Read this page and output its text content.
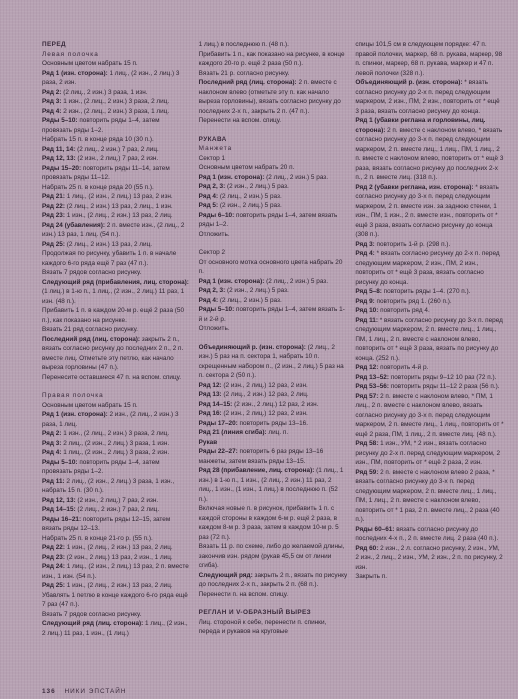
ПЕРЕД

Левая полочка

Основным цветом набрать 15 п.

Ряд 1 (изн. сторона): 1 лиц., (2 изн., 2 лиц.) 3 раза, 2 изн.

Ряд 2: (2 лиц., 2 изн.) 3 раза, 1 изн.

Ряд 3: 1 изн., (2 лиц., 2 изн.) 3 раза, 2 лиц.

Ряд 4: 2 изн., (2 лиц., 2 изн.) 3 раза, 1 лиц.

Ряды 5–10: повторить ряды 1–4, затем провязать ряды 1–2.

Набрать 15 п. в конце ряда 10 (30 п.).

Ряд 11, 14: (2 лиц., 2 изн.) 7 раз, 2 лиц.

Ряд 12, 13: (2 изн., 2 лиц.) 7 раз, 2 изн.

Ряды 15–20: повторить ряды 11–14, затем провязать ряды 11–12.

Набрать 25 п. в конце ряда 20 (55 п.).

Ряд 21: 1 лиц., (2 изн., 2 лиц.) 13 раз, 2 изн.

Ряд 22: (2 лиц., 2 изн.) 13 раз, 2 лиц., 1 изн.

Ряд 23: 1 изн., (2 лиц., 2 изн.) 13 раз, 2 лиц.

Ряд 24 (убавления): 2 п. вместе изн., (2 лиц., 2 изн.) 13 раз, 1 лиц. (54 п.).

Ряд 25: (2 лиц., 2 изн.) 13 раз, 2 лиц.

Продолжая по рисунку, убавить 1 п. в начале каждого 6-го ряда ещё 7 раз (47 п.).

Вязать 7 рядов согласно рисунку.

Следующий ряд (прибавления, лиц. сторона): (1 лиц.) в 1-ю п., 1 лиц., (2 изн., 2 лиц.) 11 раз, 1 изн. (48 п.).

Прибавить 1 п. в каждом 20-м р. ещё 2 раза (50 п.), как показано на рисунке.

Вязать 21 ряд согласно рисунку.

Последний ряд (лиц. сторона): закрыть 2 п., вязать согласно рисунку до последних 2 п., 2 п. вместе лиц. Отметьте эту петлю, как начало выреза горловины (47 п.).

Перенесите оставшиеся 47 п. на вспом. спицу.

Правая полочка

Основным цветом набрать 15 п.

Ряд 1 (изн. сторона): 2 изн., (2 лиц., 2 изн.) 3 раза, 1 лиц.

Ряд 2: 1 изн., (2 лиц., 2 изн.) 3 раза, 2 лиц.

Ряд 3: 2 лиц., (2 изн., 2 лиц.) 3 раза, 1 изн.

Ряд 4: 1 лиц., (2 изн., 2 лиц.) 3 раза, 2 изн.

Ряды 5–10: повторить ряды 1–4, затем провязать ряды 1–2.

Ряд 11: 2 лиц., (2 изн., 2 лиц.) 3 раза, 1 изн., набрать 15 п. (30 п.).

Ряд 12, 13: (2 изн., 2 лиц.) 7 раз, 2 изн.

Ряд 14–15: (2 лиц., 2 изн.) 7 раз, 2 лиц.

Ряды 16–21: повторить ряды 12–15, затем вязать ряды 12–13.

Набрать 25 п. в конце 21-го р. (55 п.).

Ряд 22: 1 изн., (2 лиц., 2 изн.) 13 раз, 2 лиц.

Ряд 23: (2 изн., 2 лиц.) 13 раз, 2 изн., 1 лиц.

Ряд 24: 1 лиц., (2 изн., 2 лиц.) 13 раз, 2 п. вместе изн., 1 изн. (54 п.).

Ряд 25: 1 изн., (2 лиц., 2 изн.) 13 раз, 2 лиц.

Убавлять 1 петлю в конце каждого 6-го ряда ещё 7 раз (47 п.).

Вязать 7 рядов согласно рисунку.

Следующий ряд (лиц. сторона): 1 лиц., (2 изн., 2 лиц.) 11 раз, 1 изн., (1 лиц.)

1 лиц.) в последнюю п. (48 п.).

Прибавить 1 п., как показано на рисунке, в конце каждого 20-го р. ещё 2 раза (50 п.).

Вязать 21 р. согласно рисунку.

Последний ряд (лиц. сторона): 2 п. вместе с наклоном влево (отметьте эту п. как начало выреза горловины), вязать согласно рисунку до последних 2-х п., закрыть 2 п. (47 п.).

Перенести на вспом. спицу.

РУКАВА

Манжета

Сектор 1

Основным цветом набрать 20 п.

Ряд 1 (изн. сторона): (2 лиц., 2 изн.) 5 раз.

Ряд 2, 3: (2 изн., 2 лиц.) 5 раз.

Ряд 4: (2 лиц., 2 изн.) 5 раз.

Ряд 5: (2 изн., 2 лиц.) 5 раз.

Ряды 6–10: повторить ряды 1–4, затем вязать ряды 1–2.

Отложить.

Сектор 2

От основного мотка основного цвета набрать 20 п.

Ряд 1 (изн. сторона): (2 лиц., 2 изн.) 5 раз.

Ряд 2, 3: (2 изн., 2 лиц.) 5 раз.

Ряд 4: (2 лиц., 2 изн.) 5 раз.

Ряды 5–10: повторить ряды 1–4, затем вязать 1-й и 2-й р.

Отложить.

Объединяющий р. (изн. сторона): (2 лиц., 2 изн.) 5 раз на п. сектора 1, набрать 10 п. скрещенным набором п., (2 изн., 2 лиц.) 5 раз на п. сектора 2 (50 п.).

Ряд 12: (2 изн., 2 лиц.) 12 раз, 2 изн.

Ряд 13: (2 лиц., 2 изн.) 12 раз, 2 лиц.

Ряд 14–15: (2 изн., 2 лиц.) 12 раз, 2 изн.

Ряд 16: (2 изн., 2 лиц.) 12 раз, 2 изн.

Ряды 17–20: повторить ряды 13–16.

Ряд 21 (линия сгиба): лиц. п.

Рукав

Ряды 22–27: повторить 6 раз ряды 13–16 манжеты, затем вязать ряды 13–15.

Ряд 28 (прибавление, лиц. сторона): (1 лиц., 1 изн.) в 1-ю п., 1 изн., (2 лиц., 2 изн.) 11 раз, 2 лиц., 1 изн., (1 изн., 1 лиц.) в последнюю п. (52 п.).

Включая новые п. в рисунок, прибавить 1 п. с каждой стороны в каждом 6-м р. ещё 2 раза, в каждом 8-м р. 3 раза, затем в каждом 10-м р. 5 раз (72 п.).

Вязать 11 р. по схеме, либо до желаемой длины, закончив изн. рядом (рукав 45,5 см от линии сгиба).

Следующий ряд: закрыть 2 п., вязать по рисунку до последних 2-х п., закрыть 2 п. (68 п.).

Перенести п. на вспом. спицу.

РЕГЛАН И V-ОБРАЗНЫЙ ВЫРЕЗ

Лиц. стороной к себе, перенести п. спинки, переда и рукавов на круговые

спицы 101,5 см в следующем порядке: 47 п. правой полочки, маркер, 68 п. рукава, маркер, 98 п. спинки, маркер, 68 п. рукава, маркер и 47 п. левой полочки (328 п.).

Объединяющий р. (изн. сторона): * вязать согласно рисунку до 2-х п. перед следующим маркером, 2 изн., ПМ, 2 изн., повторить от * ещё 3 раза, вязать согласно рисунку до конца.

Ряд 1 (убавки реглана и горловины, лиц. сторона): 2 п. вместе с наклоном влево, * вязать согласно рисунку до 3-х п. перед следующим маркером, 2 п. вместе лиц., 1 лиц., ПМ, 1 лиц., 2 п. вместе с наклоном влево, повторить от * ещё 3 раза, вязать согласно рисунку до последних 2-х п., 2 п. вместе лиц. (318 п.).

Ряд 2 (убавки реглана, изн. сторона): * вязать согласно рисунку до 3-х п. перед следующим маркером, 2 п. вместе изн. за заднюю стенки, 1 изн., ПМ, 1 изн., 2 п. вместе изн., повторить от * ещё 3 раза, вязать согласно рисунку до конца (308 п.).

Ряд 3: повторить 1-й р. (298 п.).

Ряд 4: * вязать согласно рисунку до 2-х п. перед следующим маркером, 2 изн., ПМ, 2 изн., повторить от * ещё 3 раза, вязать согласно рисунку до конца.

Ряд 5–8: повторить ряды 1–4. (270 п.).

Ряд 9: повторить ряд 1. (260 п.).

Ряд 10: повторить ряд 4.

Ряд 11: * вязать согласно рисунку до 3-х п. перед следующим маркером, 2 п. вместе лиц., 1 лиц., ПМ, 1 лиц., 2 п. вместе с наклоном влево, повторить от * ещё 3 раза, вязать по рисунку до конца. (252 п.).

Ряд 12: повторить 4-й р.

Ряд 13–52: повторить ряды 9–12 10 раз (72 п.).

Ряд 53–56: повторить ряды 11–12 2 раза (56 п.).

Ряд 57: 2 п. вместе с наклоном влево, * ПМ, 1 лиц., 2 п. вместе с наклоном влево, вязать согласно рисунку до 3-х п. перед следующим маркером, 2 п. вместе лиц., 1 лиц., повторить от * ещё 2 раза, ПМ, 1 лиц., 2 п. вместе лиц. (48 п.).

Ряд 58: 1 изн., УМ, * 2 изн., вязать согласно рисунку до 2-х п. перед следующим маркером, 2 изн., ПМ, повторить от * ещё 2 раза, 2 изн.

Ряд 59: 2 п. вместе с наклоном влево 2 раза, * вязать согласно рисунку до 3-х п. перед следующим маркером, 2 п. вместе лиц., 1 лиц., ПМ, 1 лиц., 2 п. вместе с наклоном влево, повторить от * 1 раз, 2 п. вместе лиц., 2 раза (40 п.).

Ряды 60–61: вязать согласно рисунку до последних 4-х п., 2 п. вместе лиц. 2 раза (40 п.).

Ряд 60: 2 изн., 2 л. согласно рисунку, 2 изн., УМ, 2 изн., 2 лиц., 2 изн., УМ, 2 изн., 2 п. по рисунку, 2 изн.

Закрыть п.

136 НИКИ ЭПСТАЙН
